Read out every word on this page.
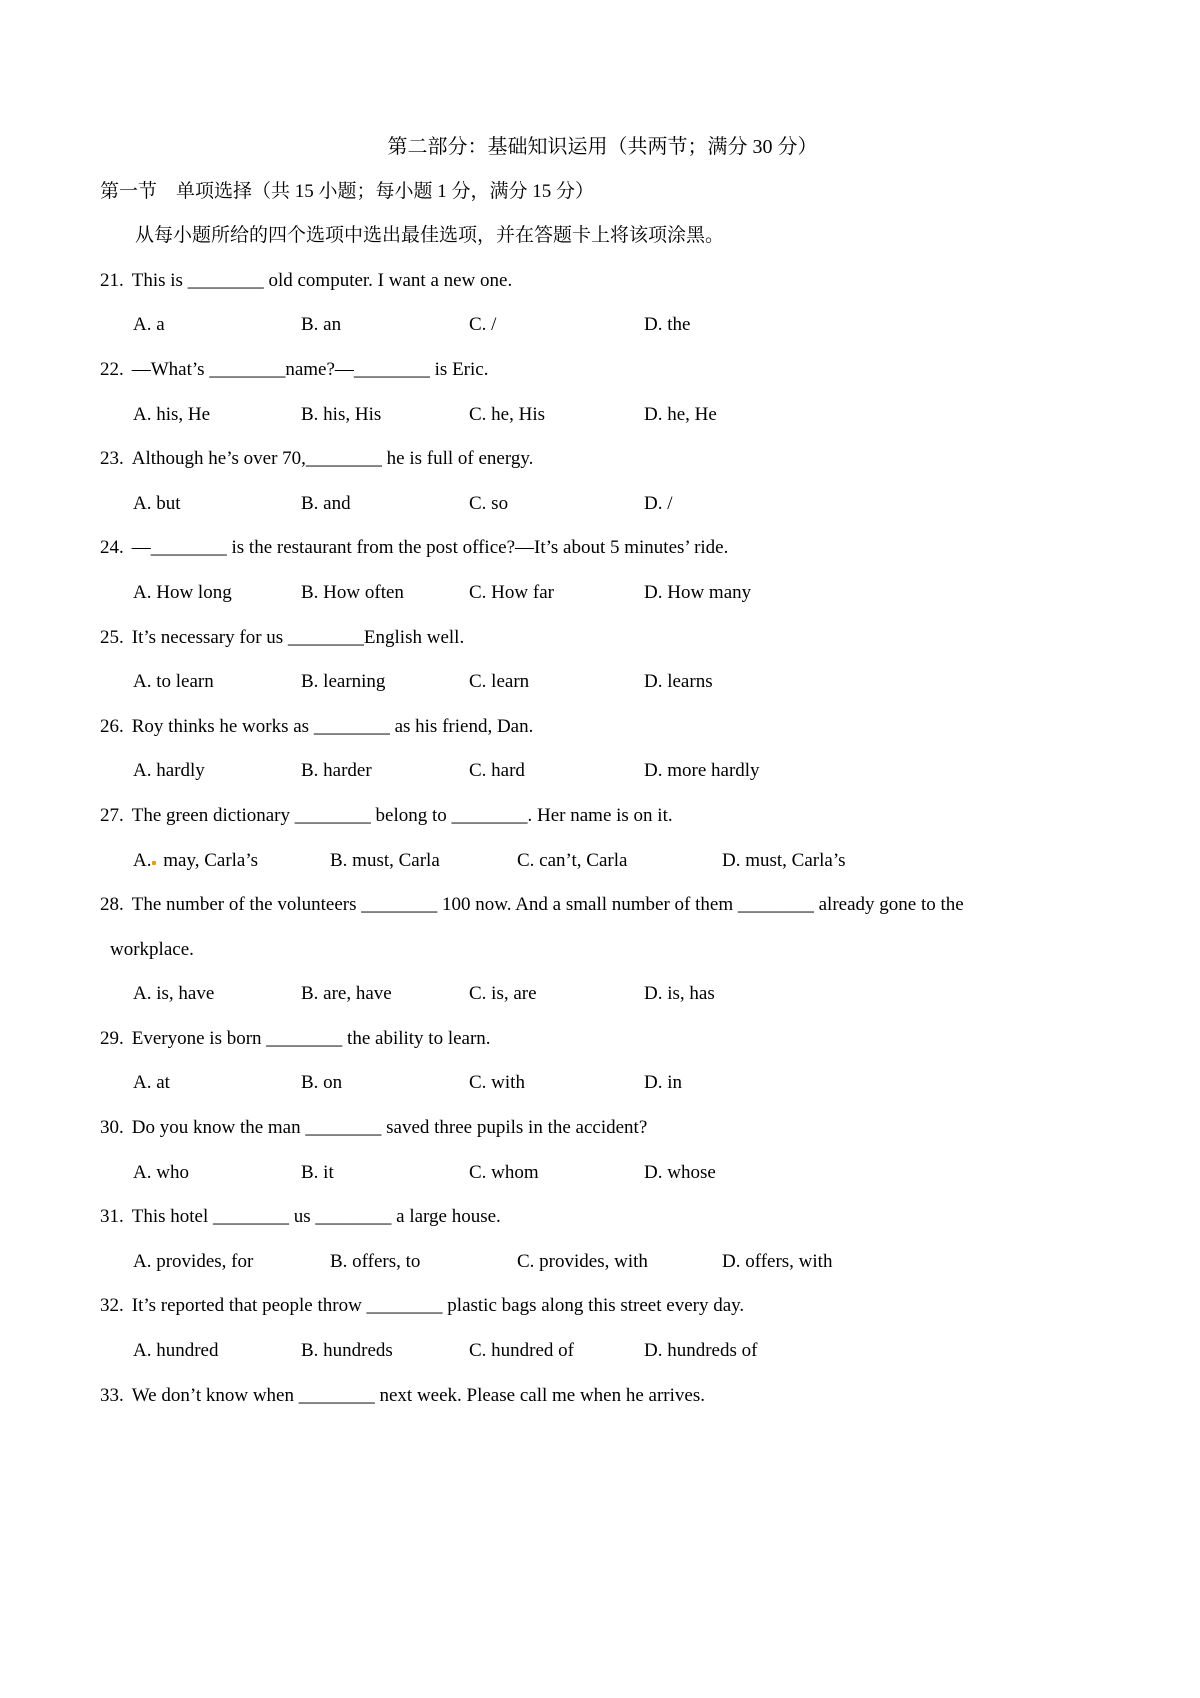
第二部分：基础知识运用（共两节；满分 30 分）
第一节　单项选择（共 15 小题；每小题 1 分，满分 15 分）
从每小题所给的四个选项中选出最佳选项，并在答题卡上将该项涂黑。
21. This is ________ old computer. I want a new one.
A. a	B. an	C. /	D. the
22. —What’s ________name?—________ is Eric.
A. his, He	B. his, His	C. he, His	D. he, He
23. Although he’s over 70,________ he is full of energy.
A. but	B. and	C. so	D. /
24. —________ is the restaurant from the post office?—It’s about 5 minutes’ ride.
A. How long	B. How often	C. How far	D. How many
25. It’s necessary for us ________English well.
A. to learn	B. learning	C. learn	D. learns
26. Roy thinks he works as ________ as his friend, Dan.
A. hardly	B. harder	C. hard	D. more hardly
27. The green dictionary ________ belong to ________. Her name is on it.
A. may, Carla’s	B. must, Carla	C. can’t, Carla	D. must, Carla’s
28. The number of the volunteers ________ 100 now. And a small number of them ________ already gone to the
workplace.
A. is, have	B. are, have	C. is, are	D. is, has
29. Everyone is born ________ the ability to learn.
A. at	B. on	C. with	D. in
30. Do you know the man ________ saved three pupils in the accident?
A. who	B. it	C. whom	D. whose
31. This hotel ________ us ________ a large house.
A. provides, for	B. offers, to	C. provides, with	D. offers, with
32. It’s reported that people throw ________ plastic bags along this street every day.
A. hundred	B. hundreds	C. hundred of	D. hundreds of
33. We don’t know when ________ next week. Please call me when he arrives.
